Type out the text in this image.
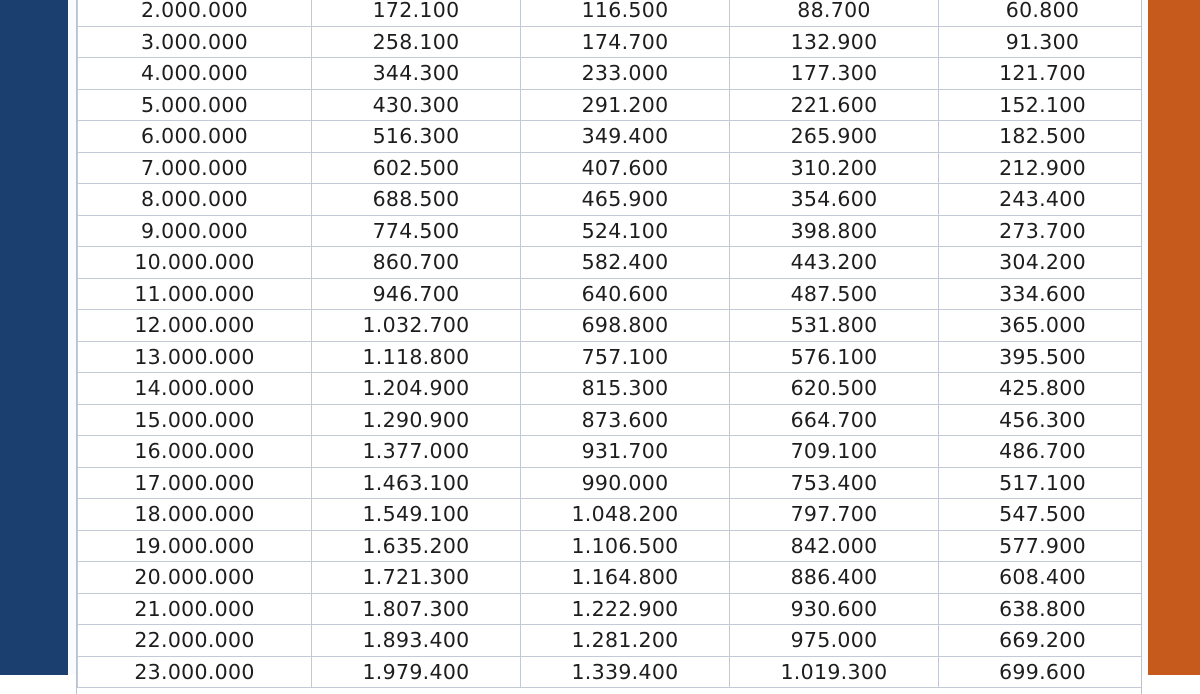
2.000.000	172.100	116.500	88.700	60.800
3.000.000	258.100	174.700	132.900	91.300
4.000.000	344.300	233.000	177.300	121.700
5.000.000	430.300	291.200	221.600	152.100
6.000.000	516.300	349.400	265.900	182.500
7.000.000	602.500	407.600	310.200	212.900
8.000.000	688.500	465.900	354.600	243.400
9.000.000	774.500	524.100	398.800	273.700
10.000.000	860.700	582.400	443.200	304.200
11.000.000	946.700	640.600	487.500	334.600
12.000.000	1.032.700	698.800	531.800	365.000
13.000.000	1.118.800	757.100	576.100	395.500
14.000.000	1.204.900	815.300	620.500	425.800
15.000.000	1.290.900	873.600	664.700	456.300
16.000.000	1.377.000	931.700	709.100	486.700
17.000.000	1.463.100	990.000	753.400	517.100
18.000.000	1.549.100	1.048.200	797.700	547.500
19.000.000	1.635.200	1.106.500	842.000	577.900
20.000.000	1.721.300	1.164.800	886.400	608.400
21.000.000	1.807.300	1.222.900	930.600	638.800
22.000.000	1.893.400	1.281.200	975.000	669.200
23.000.000	1.979.400	1.339.400	1.019.300	699.600
